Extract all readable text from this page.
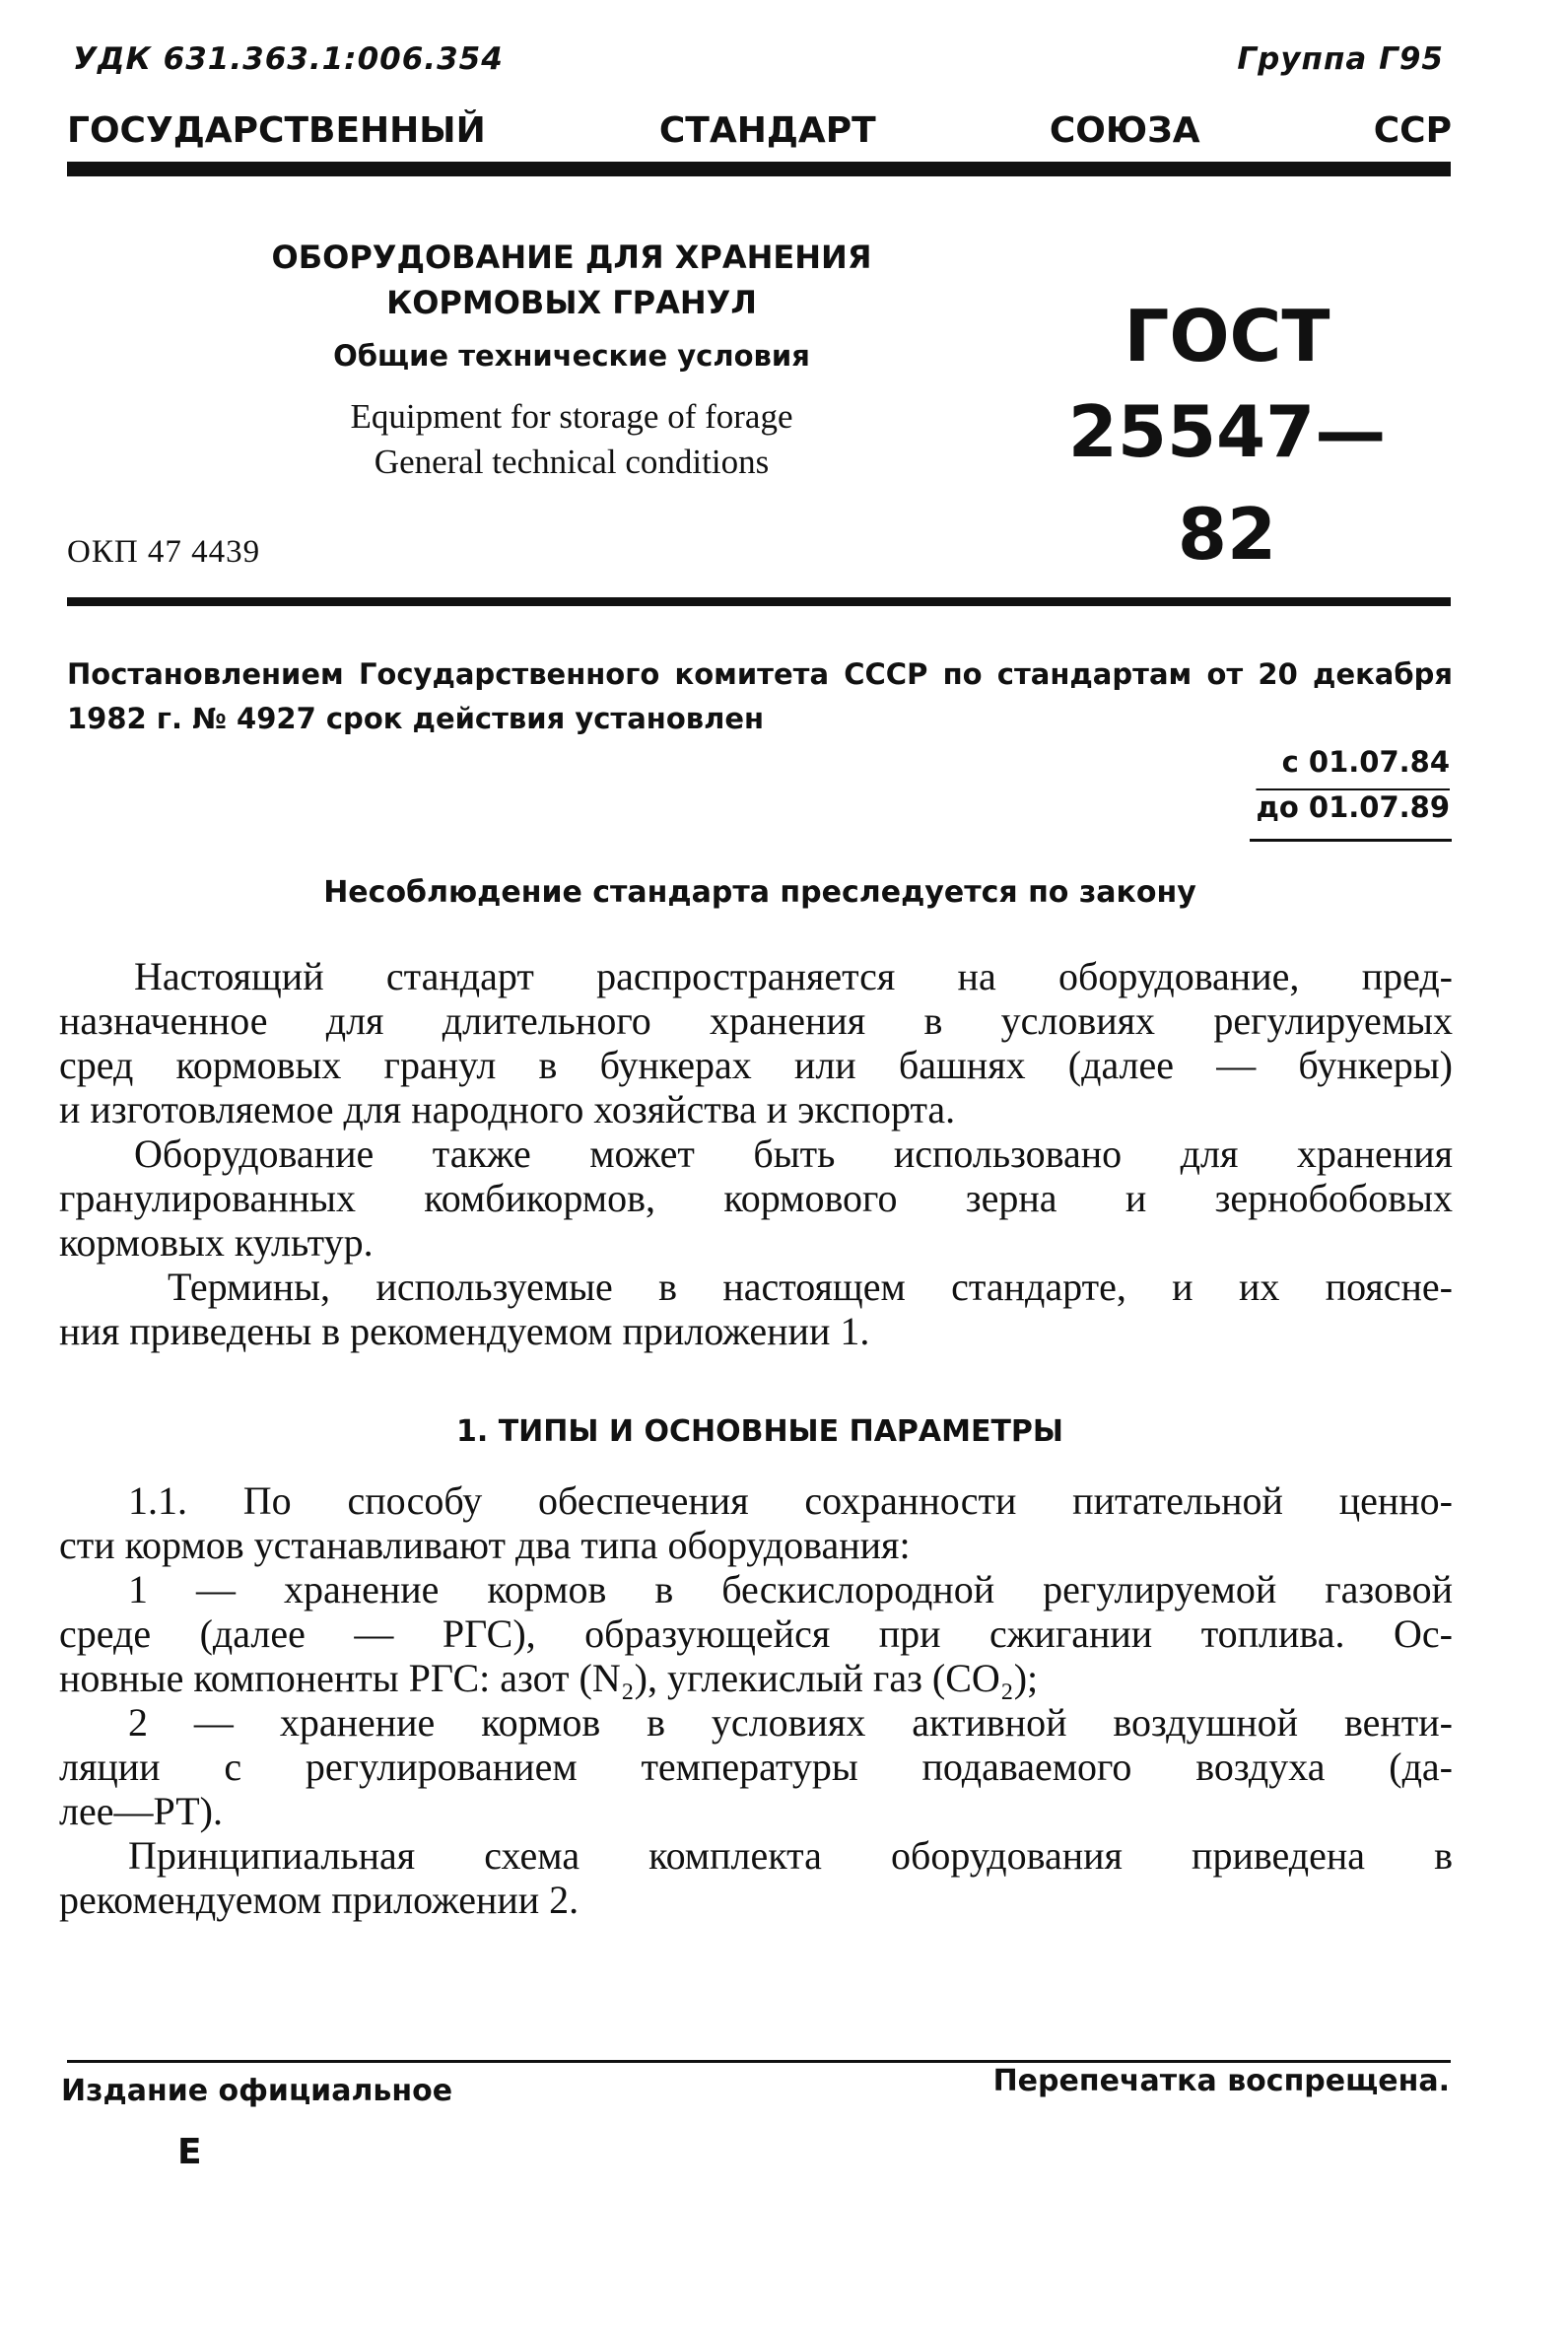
УДК 631.363.1:006.354	Группа Г95
ГОСУДАРСТВЕННЫЙ	СТАНДАРТ	СОЮЗА	ССР
ОБОРУДОВАНИЕ ДЛЯ ХРАНЕНИЯ
КОРМОВЫХ ГРАНУЛ
Общие технические условия
Equipment for storage of forage
General technical conditions
ГОСТ
25547—82
ОКП 47 4439
Постановлением Государственного комитета СССР по стандартам от 20 декабря
1982 г. № 4927 срок действия установлен
с 01.07.84
до 01.07.89
Несоблюдение стандарта преследуется по закону
Настоящий стандарт распространяется на оборудование, пред-
назначенное для длительного хранения в условиях регулируемых
сред кормовых гранул в бункерах или башнях (далее — бункеры)
и изготовляемое для народного хозяйства и экспорта.
Оборудование также может быть использовано для хранения
гранулированных комбикормов, кормового зерна и зернобобовых
кормовых культур.
Термины, используемые в настоящем стандарте, и их поясне-
ния приведены в рекомендуемом приложении 1.
1. ТИПЫ И ОСНОВНЫЕ ПАРАМЕТРЫ
1.1. По способу обеспечения сохранности питательной ценно-
сти кормов устанавливают два типа оборудования:
1 — хранение кормов в бескислородной регулируемой газовой
среде (далее — РГС), образующейся при сжигании топлива. Ос-
новные компоненты РГС: азот (N₂), углекислый газ (CO₂);
2 — хранение кормов в условиях активной воздушной венти-
ляции с регулированием температуры подаваемого воздуха (да-
лее—РТ).
Принципиальная схема комплекта оборудования приведена в
рекомендуемом приложении 2.
Издание официальное	Перепечатка воспрещена.
Е
